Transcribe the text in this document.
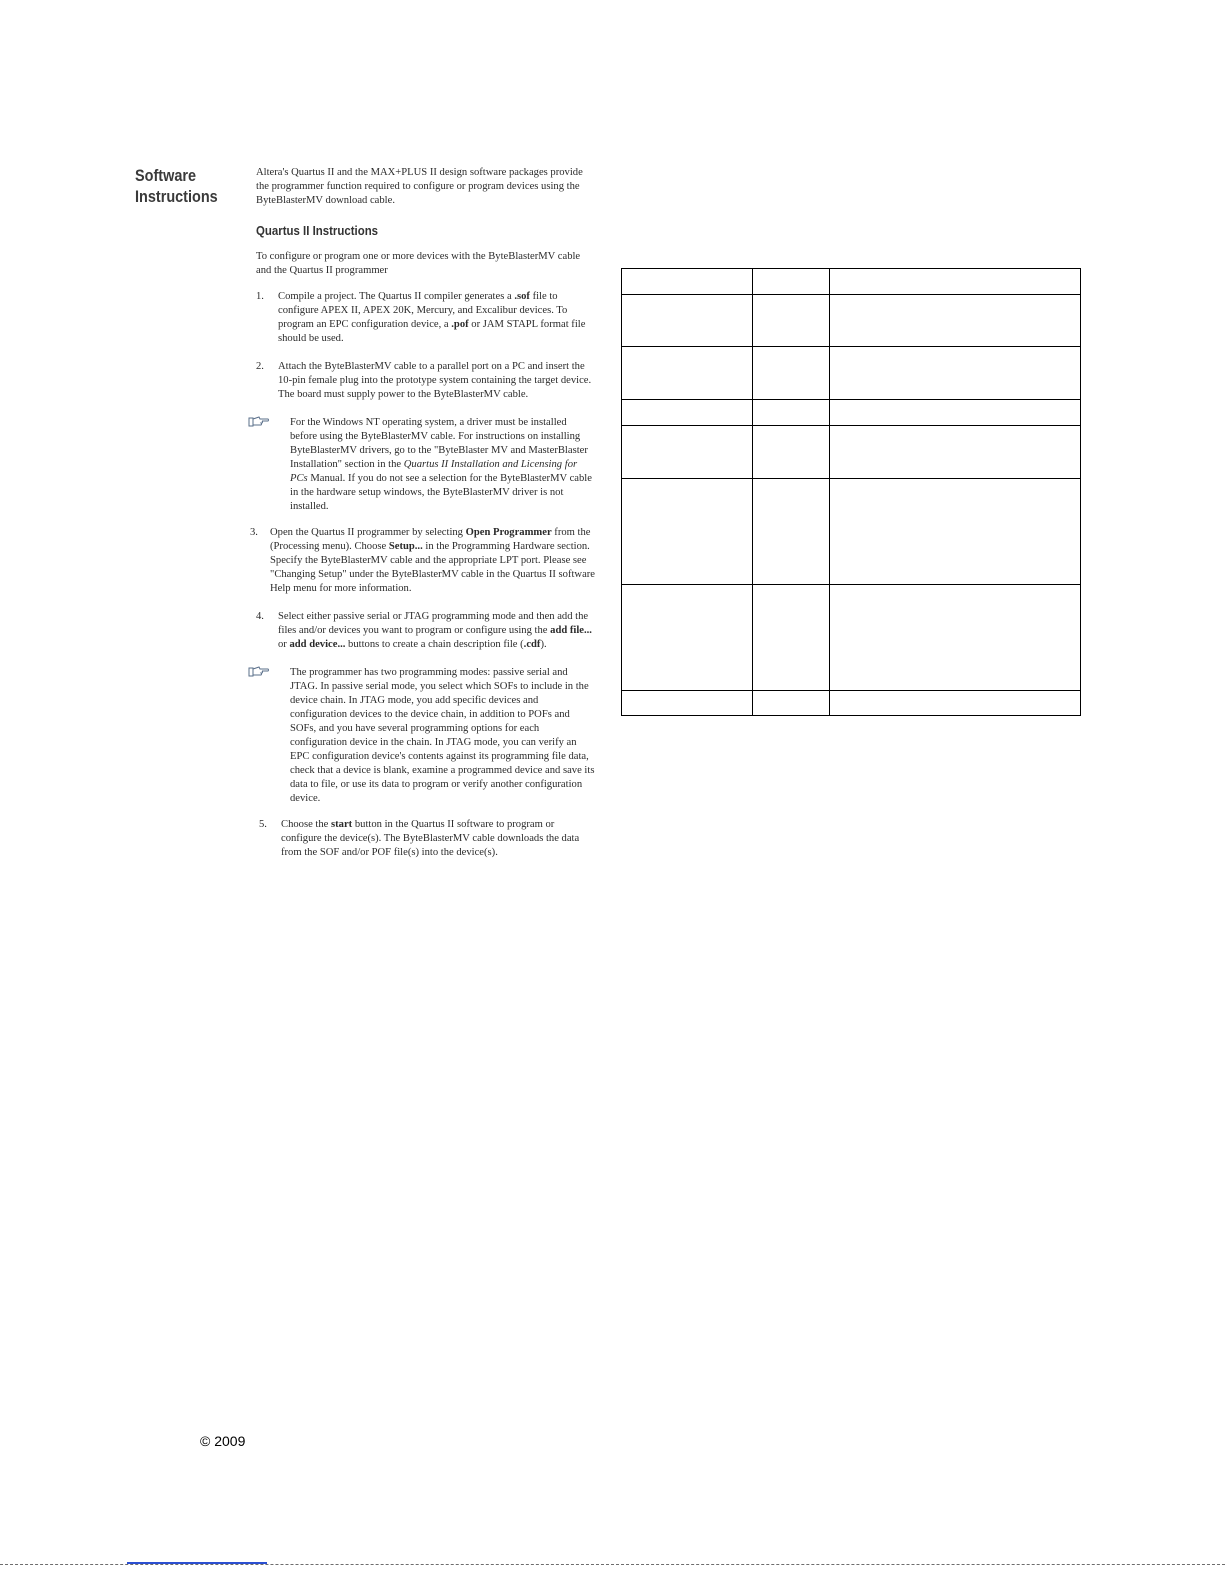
Software
Instructions

Altera's Quartus II and the MAX+PLUS II design software packages provide the programmer function required to configure or program devices using the ByteBlasterMV download cable.

Quartus II Instructions

To configure or program one or more devices with the ByteBlasterMV cable and the Quartus II programmer

1. Compile a project. The Quartus II compiler generates a .sof file to configure APEX II, APEX 20K, Mercury, and Excalibur devices. To program an EPC configuration device, a .pof or JAM STAPL format file should be used.
2. Attach the ByteBlasterMV cable to a parallel port on a PC and insert the 10-pin female plug into the prototype system containing the target device. The board must supply power to the ByteBlasterMV cable.
For the Windows NT operating system, a driver must be installed before using the ByteBlasterMV cable. For instructions on installing ByteBlasterMV drivers, go to the "ByteBlaster MV and MasterBlaster Installation" section in the Quartus II Installation and Licensing for PCs Manual. If you do not see a selection for the ByteBlasterMV cable in the hardware setup windows, the ByteBlasterMV driver is not installed.
3. Open the Quartus II programmer by selecting Open Programmer from the (Processing menu). Choose Setup... in the Programming Hardware section. Specify the ByteBlasterMV cable and the appropriate LPT port. Please see "Changing Setup" under the ByteBlasterMV cable in the Quartus II software Help menu for more information.
4. Select either passive serial or JTAG programming mode and then add the files and/or devices you want to program or configure using the add file... or add device... buttons to create a chain description file (.cdf).
The programmer has two programming modes: passive serial and JTAG. In passive serial mode, you select which SOFs to include in the device chain. In JTAG mode, you add specific devices and configuration devices to the device chain, in addition to POFs and SOFs, and you have several programming options for each configuration device in the chain. In JTAG mode, you can verify an EPC configuration device's contents against its programming file data, check that a device is blank, examine a programmed device and save its data to file, or use its data to program or verify another configuration device.
5. Choose the start button in the Quartus II software to program or configure the device(s). The ByteBlasterMV cable downloads the data from the SOF and/or POF file(s) into the device(s).

© 2009
